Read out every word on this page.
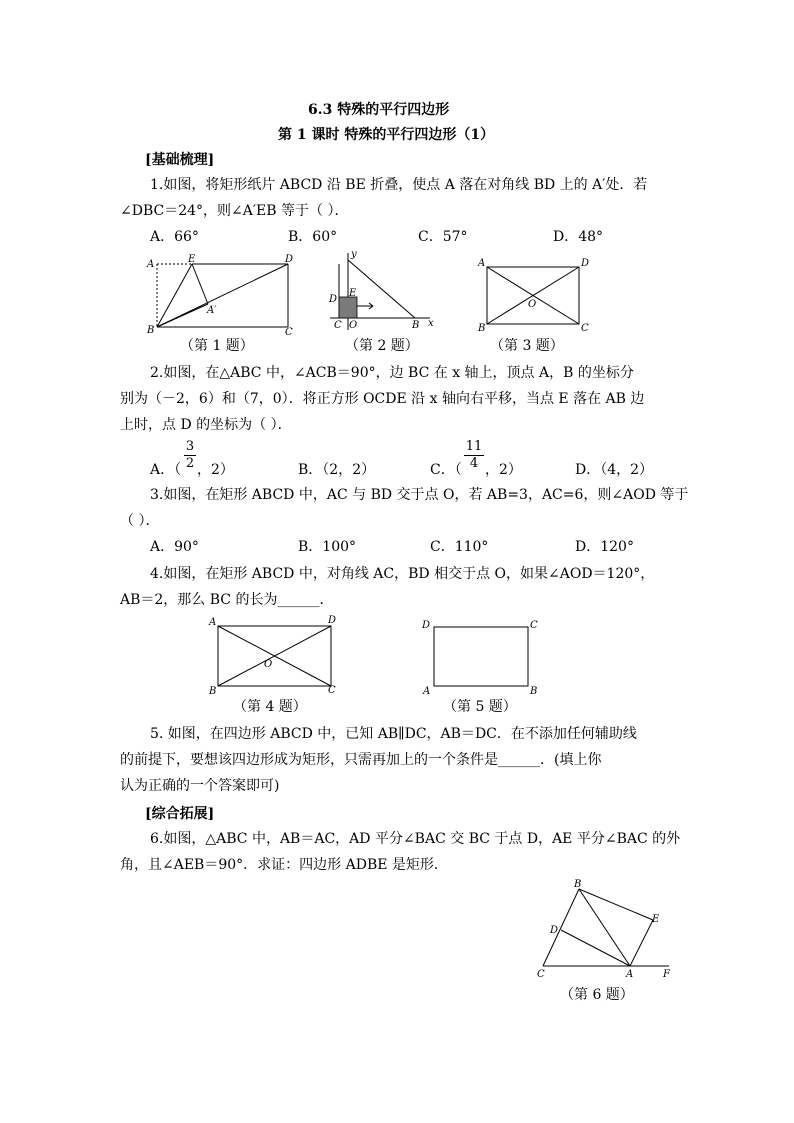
6.3 特殊的平行四边形
第 1 课时 特殊的平行四边形（1）
[基础梳理]
1.如图，将矩形纸片 ABCD 沿 BE 折叠，使点 A 落在对角线 BD 上的 A′处．若
∠DBC＝24°，则∠A′EB 等于（ ）．
A．66°	B．60°	C．57°	D．48°
A	E	D
A′
B	C
（第 1 题）
y
x
D
E
C O	B
（第 2 题）
A	D
O
B	C
（第 3 题）
2.如图，在△ABC 中，∠ACB＝90°，边 BC 在 x 轴上，顶点 A，B 的坐标分
别为（－2，6）和（7，0）．将正方形 OCDE 沿 x 轴向右平移，当点 E 落在 AB 边
上时，点 D 的坐标为（ ）．
A．（
3
2 ，2）	B．（2，2）	C．（
11
4 ，2）	D．（4，2）
3.如图，在矩形 ABCD 中，AC 与 BD 交于点 O，若 AB=3，AC=6，则∠AOD 等于
（ ）．
A．90°	B．100°	C．110°	D．120°
4.如图，在矩形 ABCD 中，对角线 AC，BD 相交于点 O，如果∠AOD＝120°，
AB＝2，那么 BC 的长为______．
A	D
O
B	C
（第 4 题）
D	C
A	B
（第 5 题）
5. 如图，在四边形 ABCD 中，已知 AB∥DC，AB＝DC．在不添加任何辅助线
的前提下，要想该四边形成为矩形，只需再加上的一个条件是______．(填上你
认为正确的一个答案即可)
[综合拓展]
6.如图，△ABC 中，AB＝AC，AD 平分∠BAC 交 BC 于点 D，AE 平分∠BAC 的外
角，且∠AEB＝90°．求证：四边形 ADBE 是矩形．
B
E
D
C	A	F
（第 6 题）
